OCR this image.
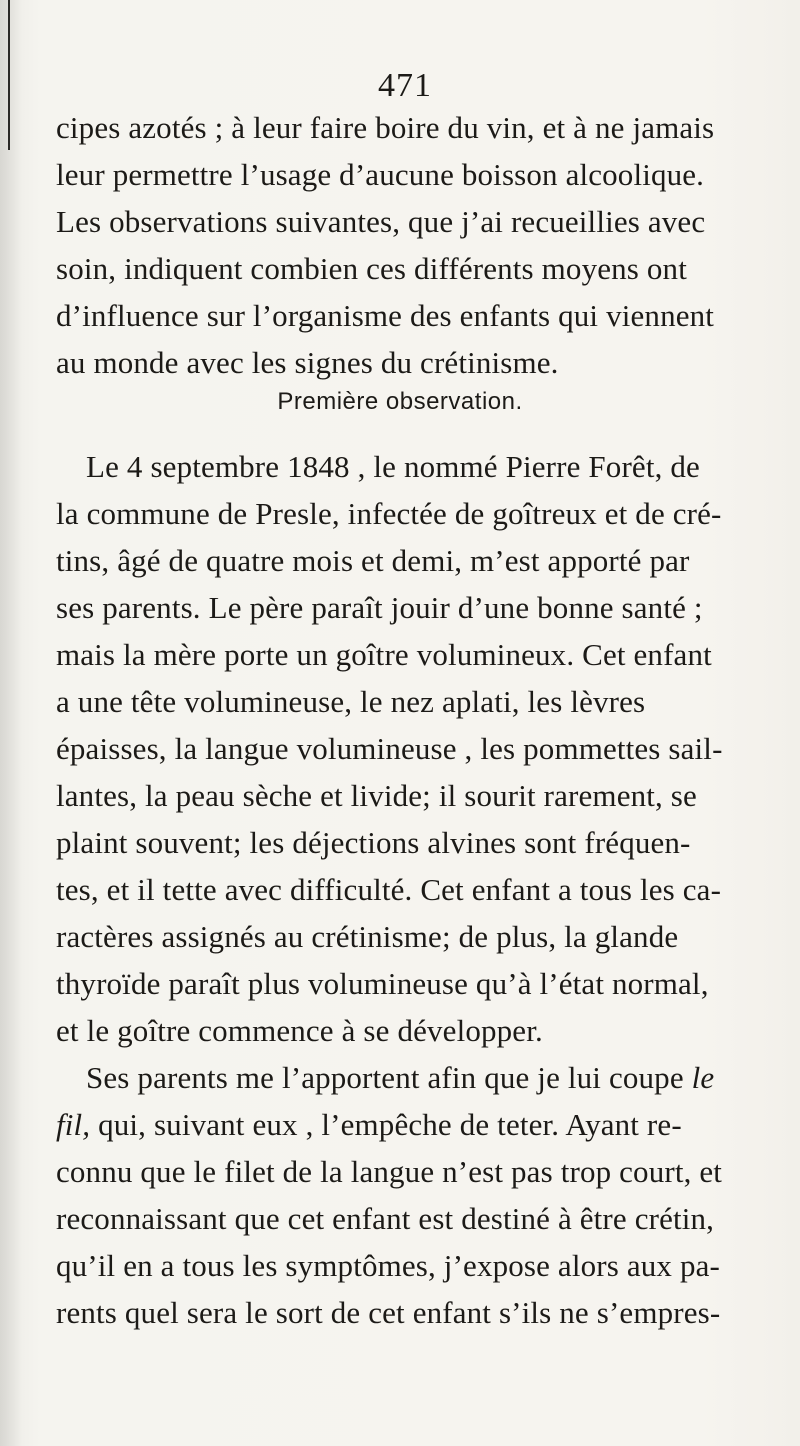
471
cipes azotés ; à leur faire boire du vin, et à ne jamais
leur permettre l’usage d’aucune boisson alcoolique.
Les observations suivantes, que j’ai recueillies avec
soin, indiquent combien ces différents moyens ont
d’influence sur l’organisme des enfants qui viennent
au monde avec les signes du crétinisme.
Première observation.
Le 4 septembre 1848 , le nommé Pierre Forêt, de
la commune de Presle, infectée de goîtreux et de cré-
tins, âgé de quatre mois et demi, m’est apporté par
ses parents. Le père paraît jouir d’une bonne santé ;
mais la mère porte un goître volumineux. Cet enfant
a une tête volumineuse, le nez aplati, les lèvres
épaisses, la langue volumineuse , les pommettes sail-
lantes, la peau sèche et livide; il sourit rarement, se
plaint souvent; les déjections alvines sont fréquen-
tes, et il tette avec difficulté. Cet enfant a tous les ca-
ractères assignés au crétinisme; de plus, la glande
thyroïde paraît plus volumineuse qu’à l’état normal,
et le goître commence à se développer.
Ses parents me l’apportent afin que je lui coupe le
fil, qui, suivant eux , l’empêche de teter. Ayant re-
connu que le filet de la langue n’est pas trop court, et
reconnaissant que cet enfant est destiné à être crétin,
qu’il en a tous les symptômes, j’expose alors aux pa-
rents quel sera le sort de cet enfant s’ils ne s’empres-
